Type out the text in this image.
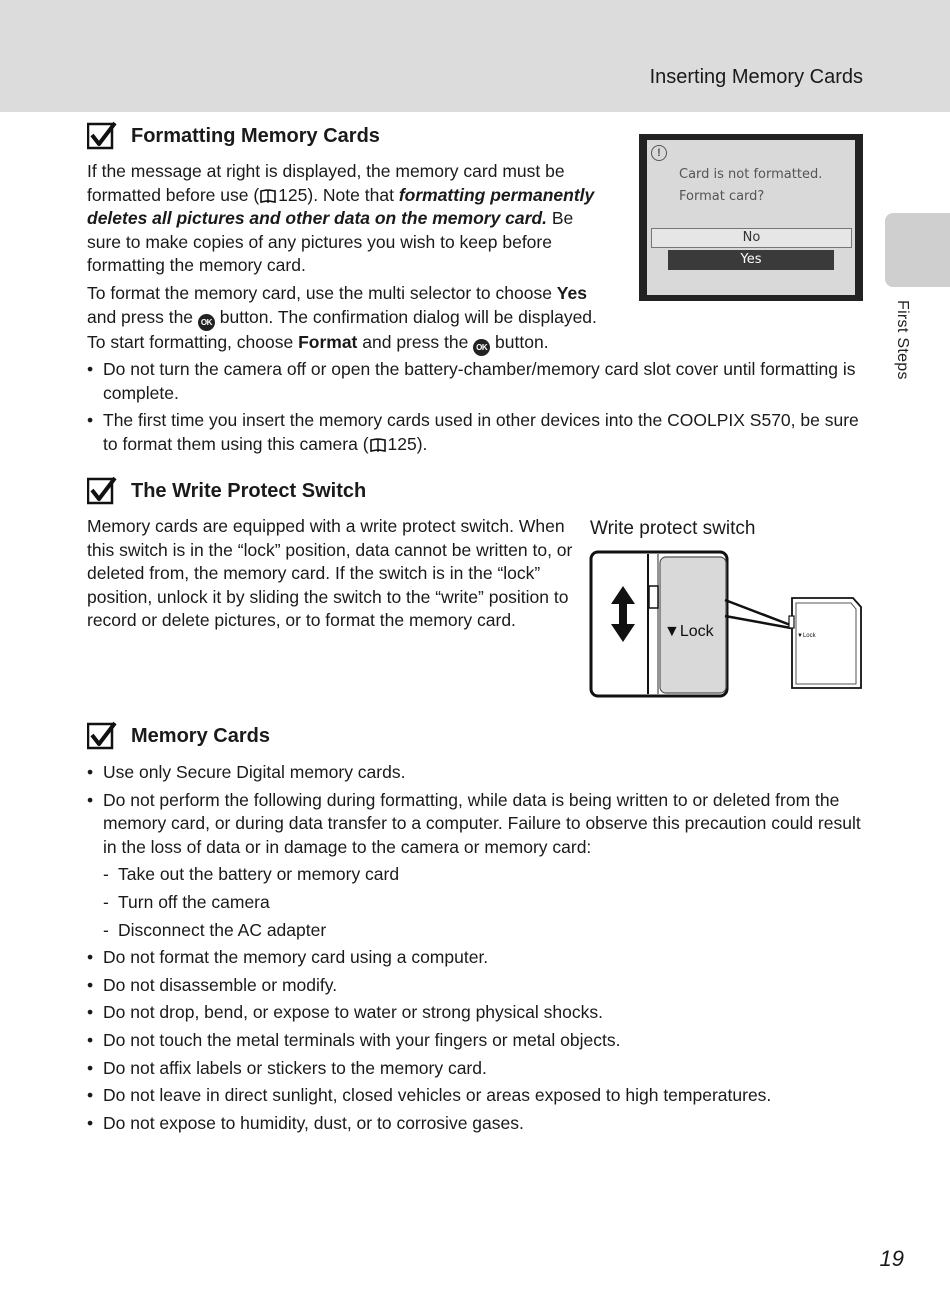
Inserting Memory Cards
First Steps
Formatting Memory Cards

If the message at right is displayed, the memory card must be formatted before use ( 125). Note that formatting permanently deletes all pictures and other data on the memory card. Be sure to make copies of any pictures you wish to keep before formatting the memory card.

To format the memory card, use the multi selector to choose Yes and press the OK button. The confirmation dialog will be displayed. To start formatting, choose Format and press the OK button.

• Do not turn the camera off or open the battery-chamber/memory card slot cover until formatting is complete.
• The first time you insert the memory cards used in other devices into the COOLPIX S570, be sure to format them using this camera ( 125).
!
Card is not formatted.
Format card?
No
Yes
The Write Protect Switch

Memory cards are equipped with a write protect switch. When this switch is in the “lock” position, data cannot be written to, or deleted from, the memory card. If the switch is in the “lock” position, unlock it by sliding the switch to the “write” position to record or delete pictures, or to format the memory card.

Write protect switch
▼Lock	▼Lock
Memory Cards
• Use only Secure Digital memory cards.
• Do not perform the following during formatting, while data is being written to or deleted from the memory card, or during data transfer to a computer. Failure to observe this precaution could result in the loss of data or in damage to the camera or memory card:
- Take out the battery or memory card
- Turn off the camera
- Disconnect the AC adapter
• Do not format the memory card using a computer.
• Do not disassemble or modify.
• Do not drop, bend, or expose to water or strong physical shocks.
• Do not touch the metal terminals with your fingers or metal objects.
• Do not affix labels or stickers to the memory card.
• Do not leave in direct sunlight, closed vehicles or areas exposed to high temperatures.
• Do not expose to humidity, dust, or to corrosive gases.
19
